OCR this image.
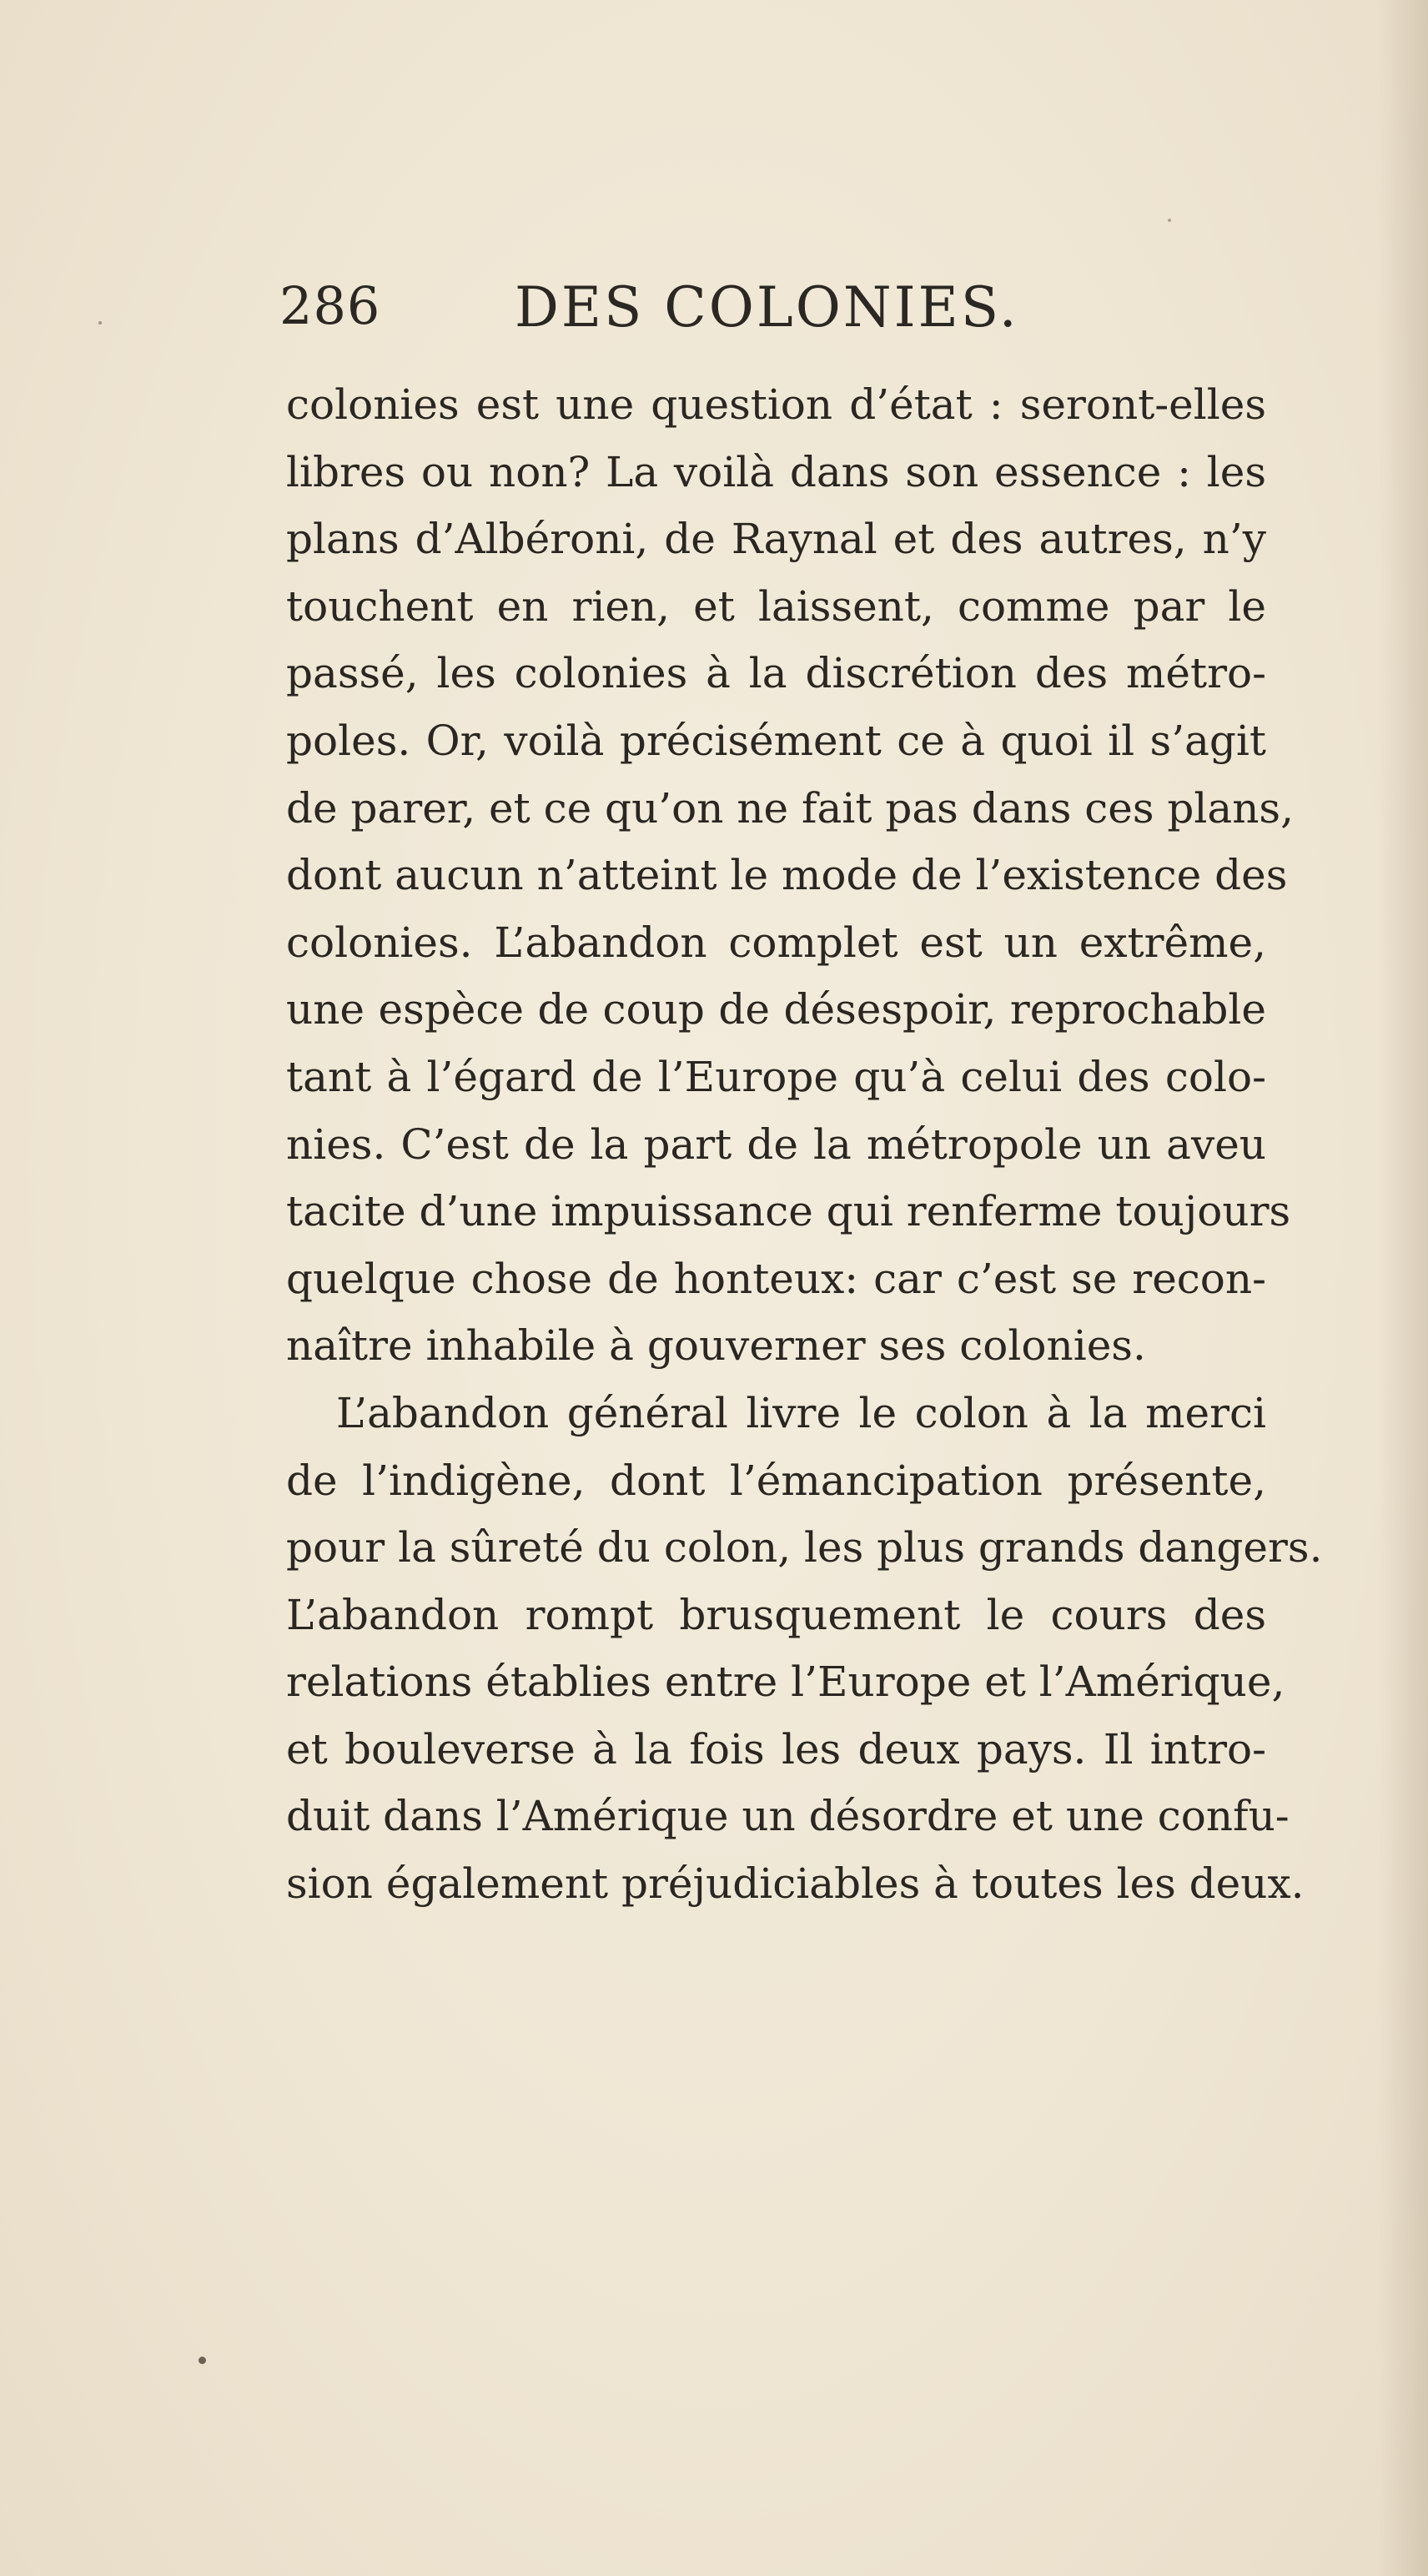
286 DES COLONIES.
colonies est une question d’état : seront-elles
libres ou non? La voilà dans son essence : les
plans d’Albéroni, de Raynal et des autres, n’y
touchent en rien, et laissent, comme par le
passé, les colonies à la discrétion des métro-
poles. Or, voilà précisément ce à quoi il s’agit
de parer, et ce qu’on ne fait pas dans ces plans,
dont aucun n’atteint le mode de l’existence des
colonies. L’abandon complet est un extrême,
une espèce de coup de désespoir, reprochable
tant à l’égard de l’Europe qu’à celui des colo-
nies. C’est de la part de la métropole un aveu
tacite d’une impuissance qui renferme toujours
quelque chose de honteux: car c’est se recon-
naître inhabile à gouverner ses colonies.
L’abandon général livre le colon à la merci
de l’indigène, dont l’émancipation présente,
pour la sûreté du colon, les plus grands dangers.
L’abandon rompt brusquement le cours des
relations établies entre l’Europe et l’Amérique,
et bouleverse à la fois les deux pays. Il intro-
duit dans l’Amérique un désordre et une confu-
sion également préjudiciables à toutes les deux.
